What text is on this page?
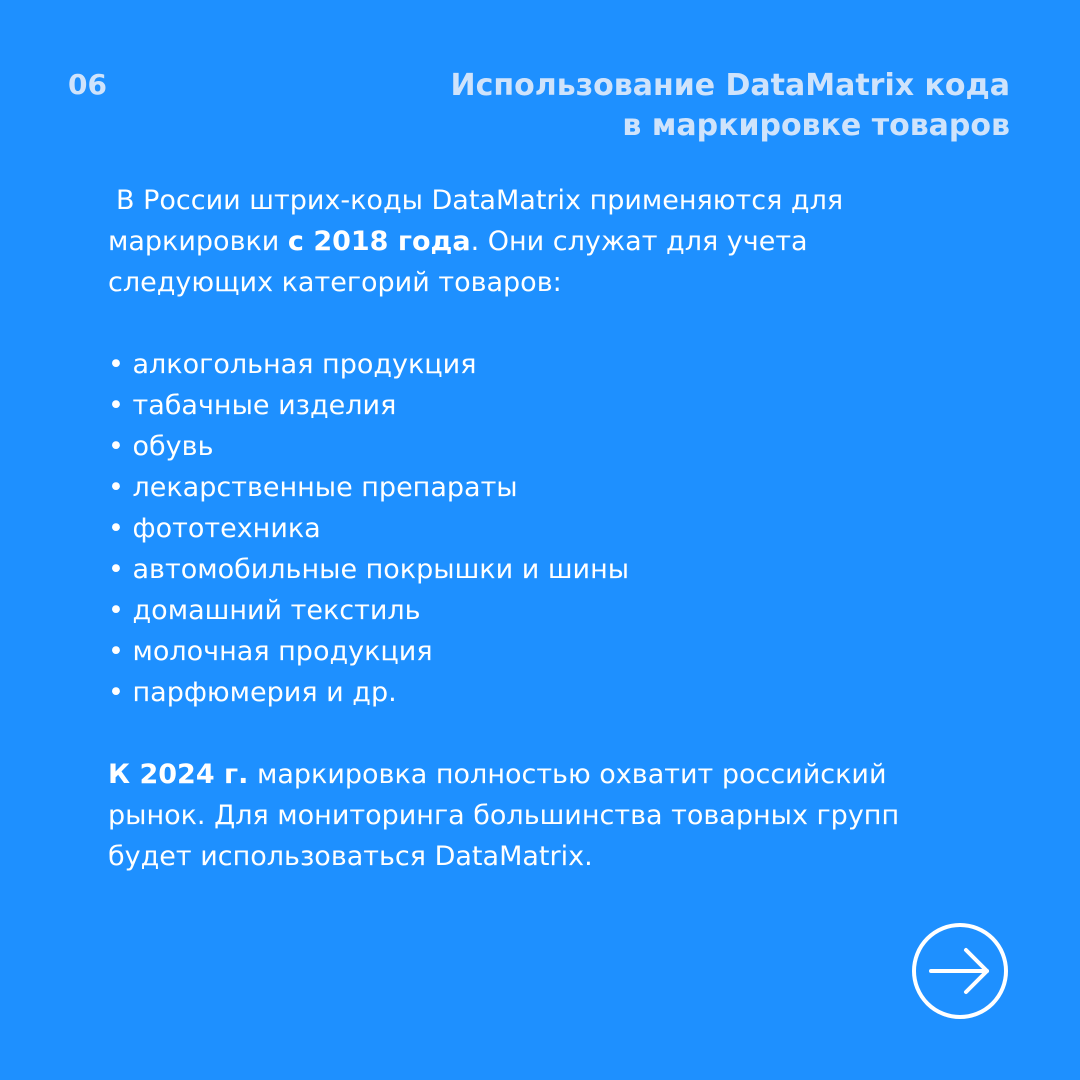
06	Использование DataMatrix кода
в маркировке товаров

В России штрих-коды DataMatrix применяются для
маркировки с 2018 года. Они служат для учета
следующих категорий товаров:

• алкогольная продукция
• табачные изделия
• обувь
• лекарственные препараты
• фототехника
• автомобильные покрышки и шины
• домашний текстиль
• молочная продукция
• парфюмерия и др.

К 2024 г. маркировка полностью охватит российский
рынок. Для мониторинга большинства товарных групп
будет использоваться DataMatrix.
